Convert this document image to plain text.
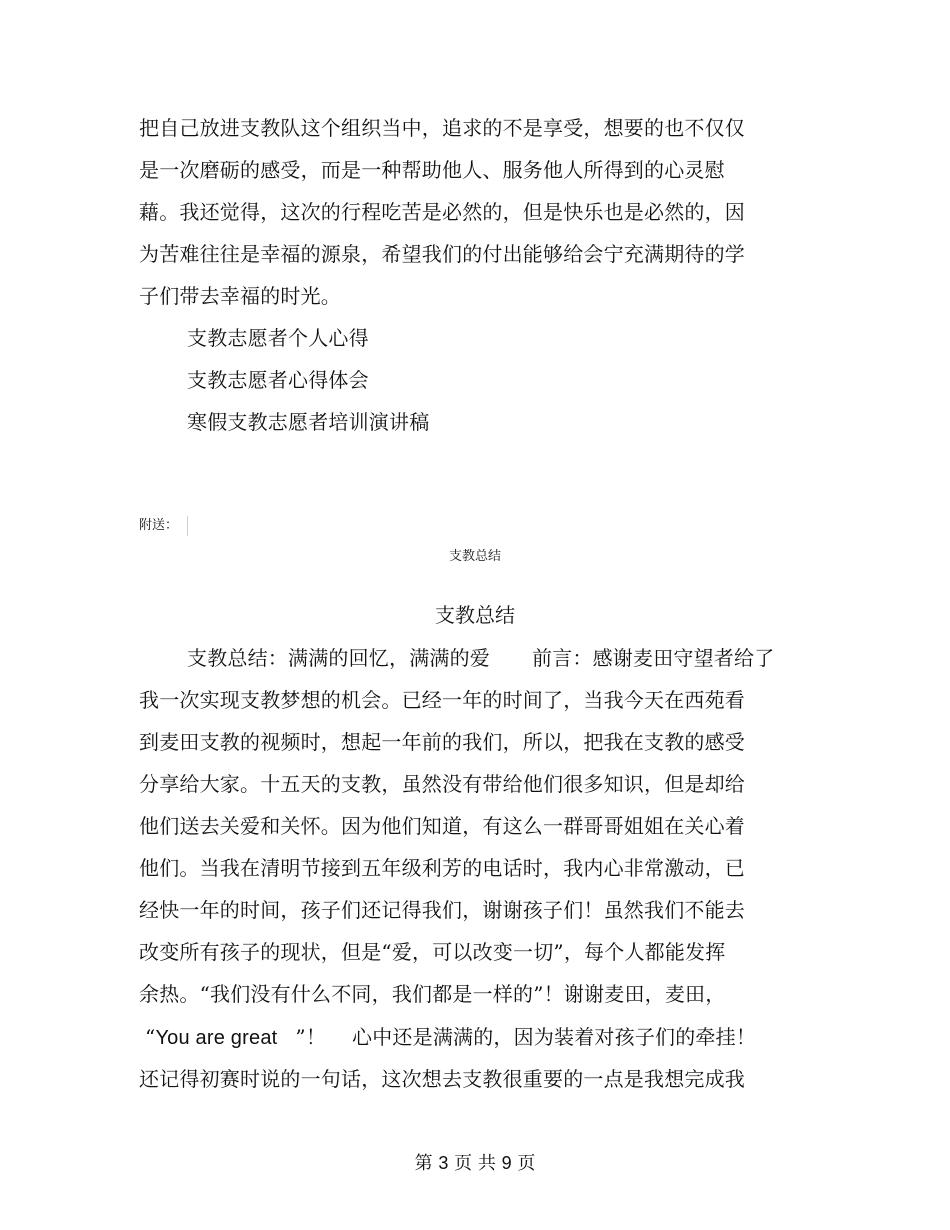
把自己放进支教队这个组织当中，追求的不是享受，想要的也不仅仅
是一次磨砺的感受，而是一种帮助他人、服务他人所得到的心灵慰
藉。我还觉得，这次的行程吃苦是必然的，但是快乐也是必然的，因
为苦难往往是幸福的源泉，希望我们的付出能够给会宁充满期待的学
子们带去幸福的时光。
支教志愿者个人心得
支教志愿者心得体会
寒假支教志愿者培训演讲稿
附送：
支教总结
支教总结
支教总结：满满的回忆，满满的爱 前言：感谢麦田守望者给了
我一次实现支教梦想的机会。已经一年的时间了，当我今天在西苑看
到麦田支教的视频时，想起一年前的我们，所以，把我在支教的感受
分享给大家。十五天的支教，虽然没有带给他们很多知识，但是却给
他们送去关爱和关怀。因为他们知道，有这么一群哥哥姐姐在关心着
他们。当我在清明节接到五年级利芳的电话时，我内心非常激动，已
经快一年的时间，孩子们还记得我们，谢谢孩子们！虽然我们不能去
改变所有孩子的现状，但是“爱，可以改变一切”，每个人都能发挥
余热。“我们没有什么不同，我们都是一样的”！谢谢麦田，麦田，
“You are great ”！ 心中还是满满的，因为装着对孩子们的牵挂！
还记得初赛时说的一句话，这次想去支教很重要的一点是我想完成我
第 3 页 共 9 页
